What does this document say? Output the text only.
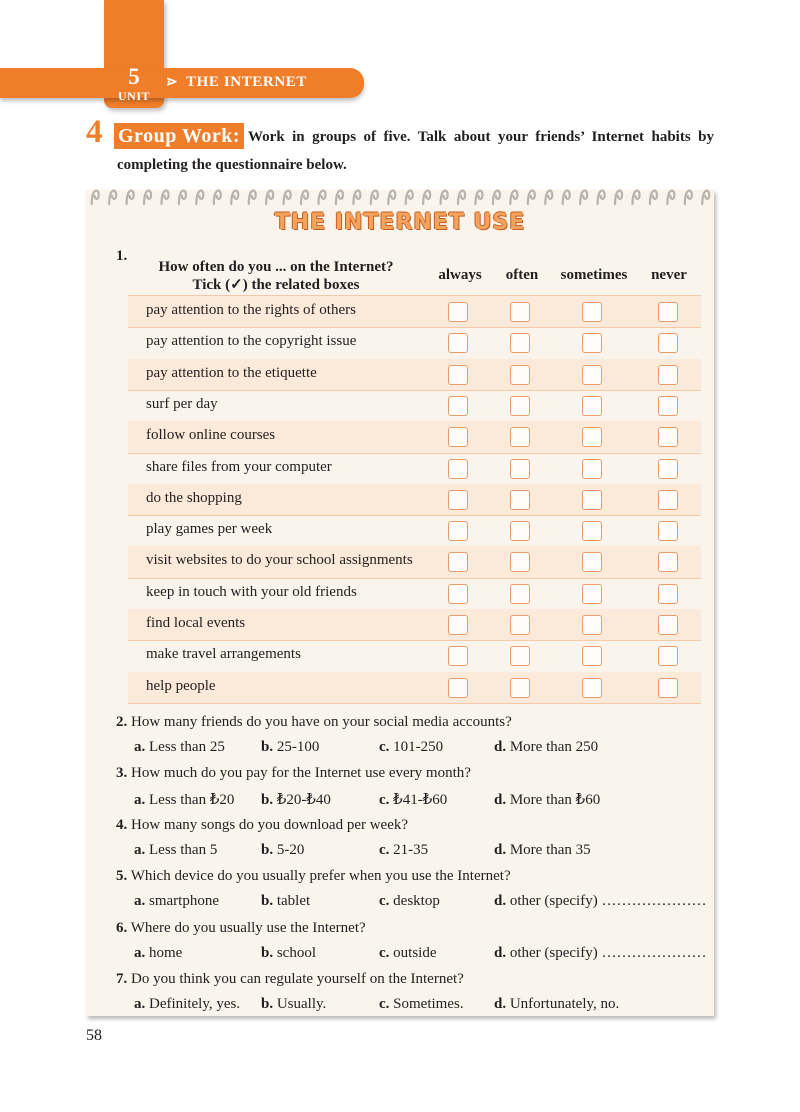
5
UNIT
⋗ THE INTERNET
4 Group Work: Work in groups of five. Talk about your friends’ Internet habits by
completing the questionnaire below.
THE INTERNET USE
1.
How often do you ... on the Internet?
Tick (✓) the related boxes
always	often	sometimes	never
pay attention to the rights of others
pay attention to the copyright issue
pay attention to the etiquette
surf per day
follow online courses
share files from your computer
do the shopping
play games per week
visit websites to do your school assignments
keep in touch with your old friends
find local events
make travel arrangements
help people
2. How many friends do you have on your social media accounts?
a. Less than 25 b. 25-100	c. 101-250	d. More than 250
3. How much do you pay for the Internet use every month?
a. Less than ₺20 b. ₺20-₺40	c. ₺41-₺60	d. More than ₺60
4. How many songs do you download per week?
a. Less than 5	b. 5-20	c. 21-35	d. More than 35
5. Which device do you usually prefer when you use the Internet?
a. smartphone	b. tablet	c. desktop	d. other (specify) …………………
6. Where do you usually use the Internet?
a. home	b. school	c. outside	d. other (specify) …………………
7. Do you think you can regulate yourself on the Internet?
a. Definitely, yes. b. Usually.	c. Sometimes. d. Unfortunately, no.
58
